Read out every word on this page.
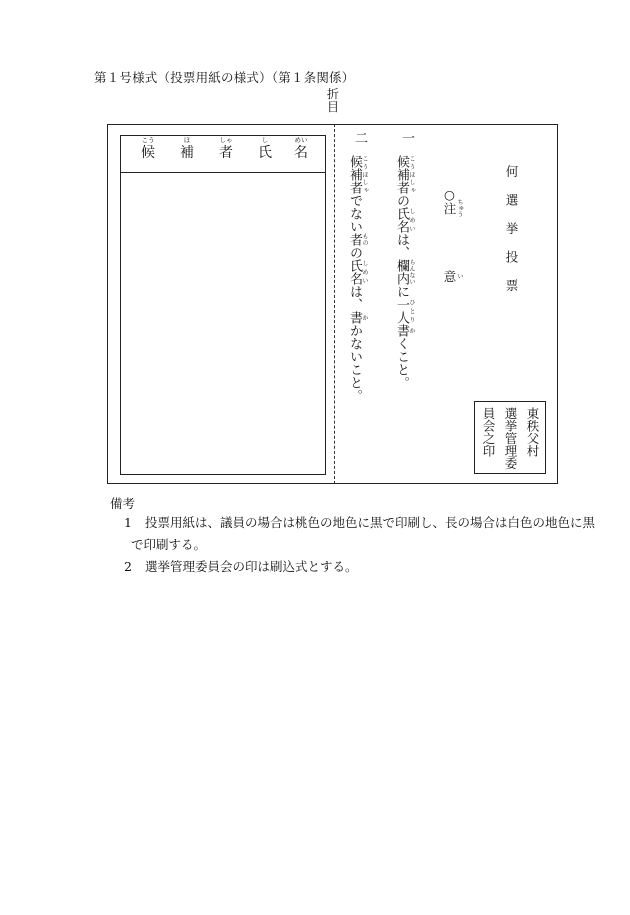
第１号様式（投票用紙の様式）（第１条関係）
折目
こう
候
ほ
補
しゃ
者
し
氏
めい
名
二
候補者 こうほしゃでない者 ものの氏名 しめいは、書 かかないこと。
一
候補者 こうほしゃの氏名 しめいは、欄内 らんないに一人 ひとり書 かくこと。
○注 ちゅう
意 い	何選挙投票
東秩父村
選挙管理委
員会之印
備考
1 投票用紙は、議員の場合は桃色の地色に黒で印刷し、長の場合は白色の地色に黒
で印刷する。
2 選挙管理委員会の印は刷込式とする。
